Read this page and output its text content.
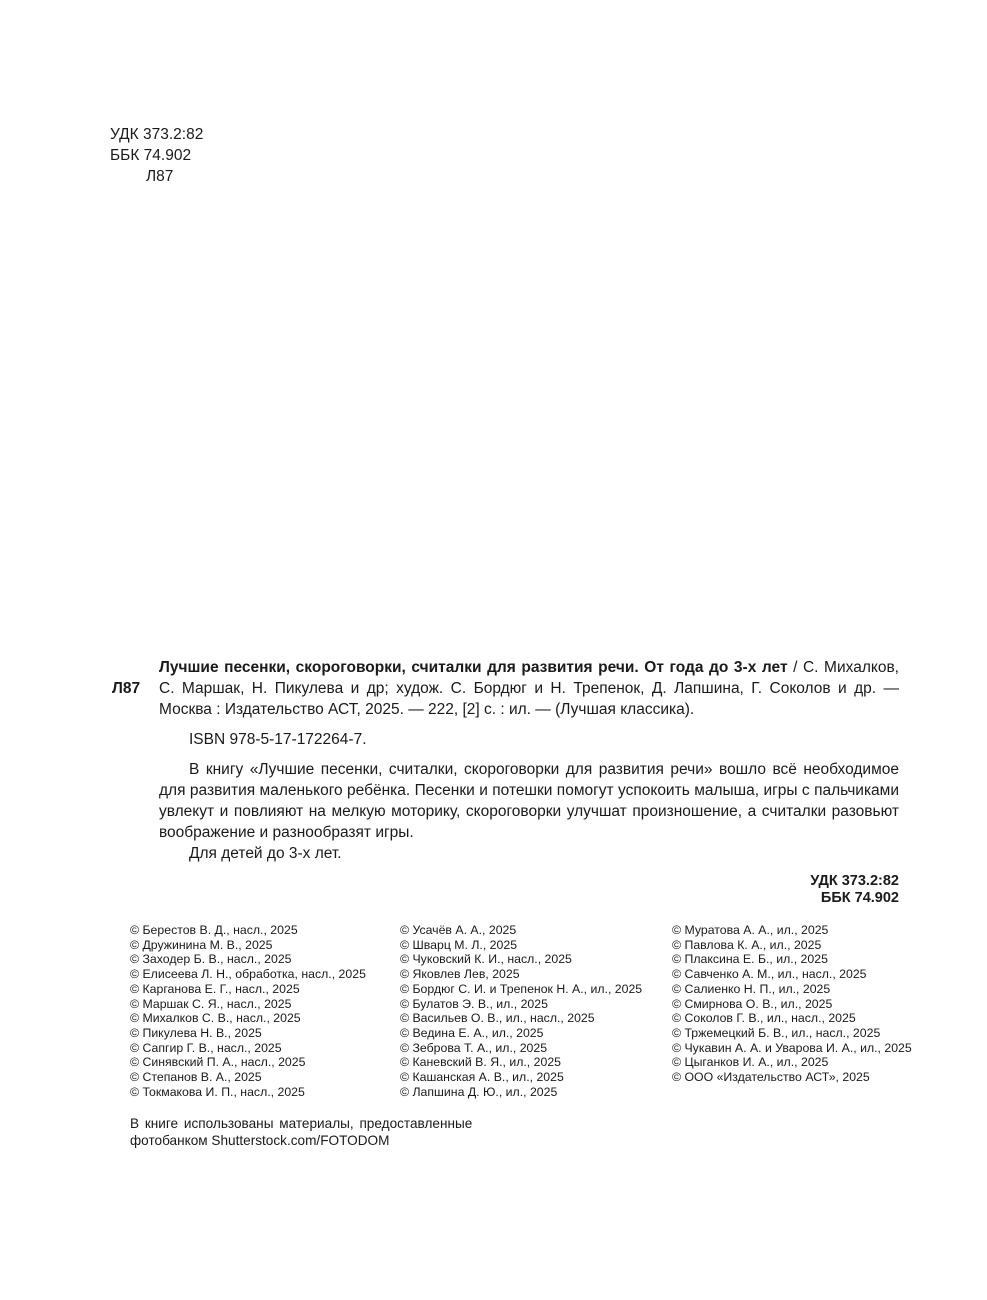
УДК 373.2:82
ББК 74.902
Л87
Л87
Лучшие песенки, скороговорки, считалки для развития речи. От года до 3-х лет / С. Михалков, С. Маршак, Н. Пикулева и др; худож. С. Бордюг и Н. Трепенок, Д. Лапшина, Г. Соколов и др. — Москва : Издательство АСТ, 2025. — 222, [2] с. : ил. — (Лучшая классика).

ISBN 978-5-17-172264-7.

В книгу «Лучшие песенки, считалки, скороговорки для развития речи» вошло всё необходимое для развития маленького ребёнка. Песенки и потешки помогут успокоить малыша, игры с пальчиками увлекут и повлияют на мелкую моторику, скороговорки улучшат произношение, а считалки разовьют воображение и разнообразят игры.

Для детей до 3-х лет.

УДК 373.2:82
ББК 74.902
© Берестов В. Д., насл., 2025
© Дружинина М. В., 2025
© Заходер Б. В., насл., 2025
© Елисеева Л. Н., обработка, насл., 2025
© Карганова Е. Г., насл., 2025
© Маршак С. Я., насл., 2025
© Михалков С. В., насл., 2025
© Пикулева Н. В., 2025
© Сапгир Г. В., насл., 2025
© Синявский П. А., насл., 2025
© Степанов В. А., 2025
© Токмакова И. П., насл., 2025
© Усачёв А. А., 2025
© Шварц М. Л., 2025
© Чуковский К. И., насл., 2025
© Яковлев Лев, 2025
© Бордюг С. И. и Трепенок Н. А., ил., 2025
© Булатов Э. В., ил., 2025
© Васильев О. В., ил., насл., 2025
© Ведина Е. А., ил., 2025
© Зеброва Т. А., ил., 2025
© Каневский В. Я., ил., 2025
© Кашанская А. В., ил., 2025
© Лапшина Д. Ю., ил., 2025
© Муратова А. А., ил., 2025
© Павлова К. А., ил., 2025
© Плаксина Е. Б., ил., 2025
© Савченко А. М., ил., насл., 2025
© Салиенко Н. П., ил., 2025
© Смирнова О. В., ил., 2025
© Соколов Г. В., ил., насл., 2025
© Тржемецкий Б. В., ил., насл., 2025
© Чукавин А. А. и Уварова И. А., ил., 2025
© Цыганков И. А., ил., 2025
© ООО «Издательство АСТ», 2025
В книге использованы материалы, предоставленные
фотобанком Shutterstock.com/FOTODOM
